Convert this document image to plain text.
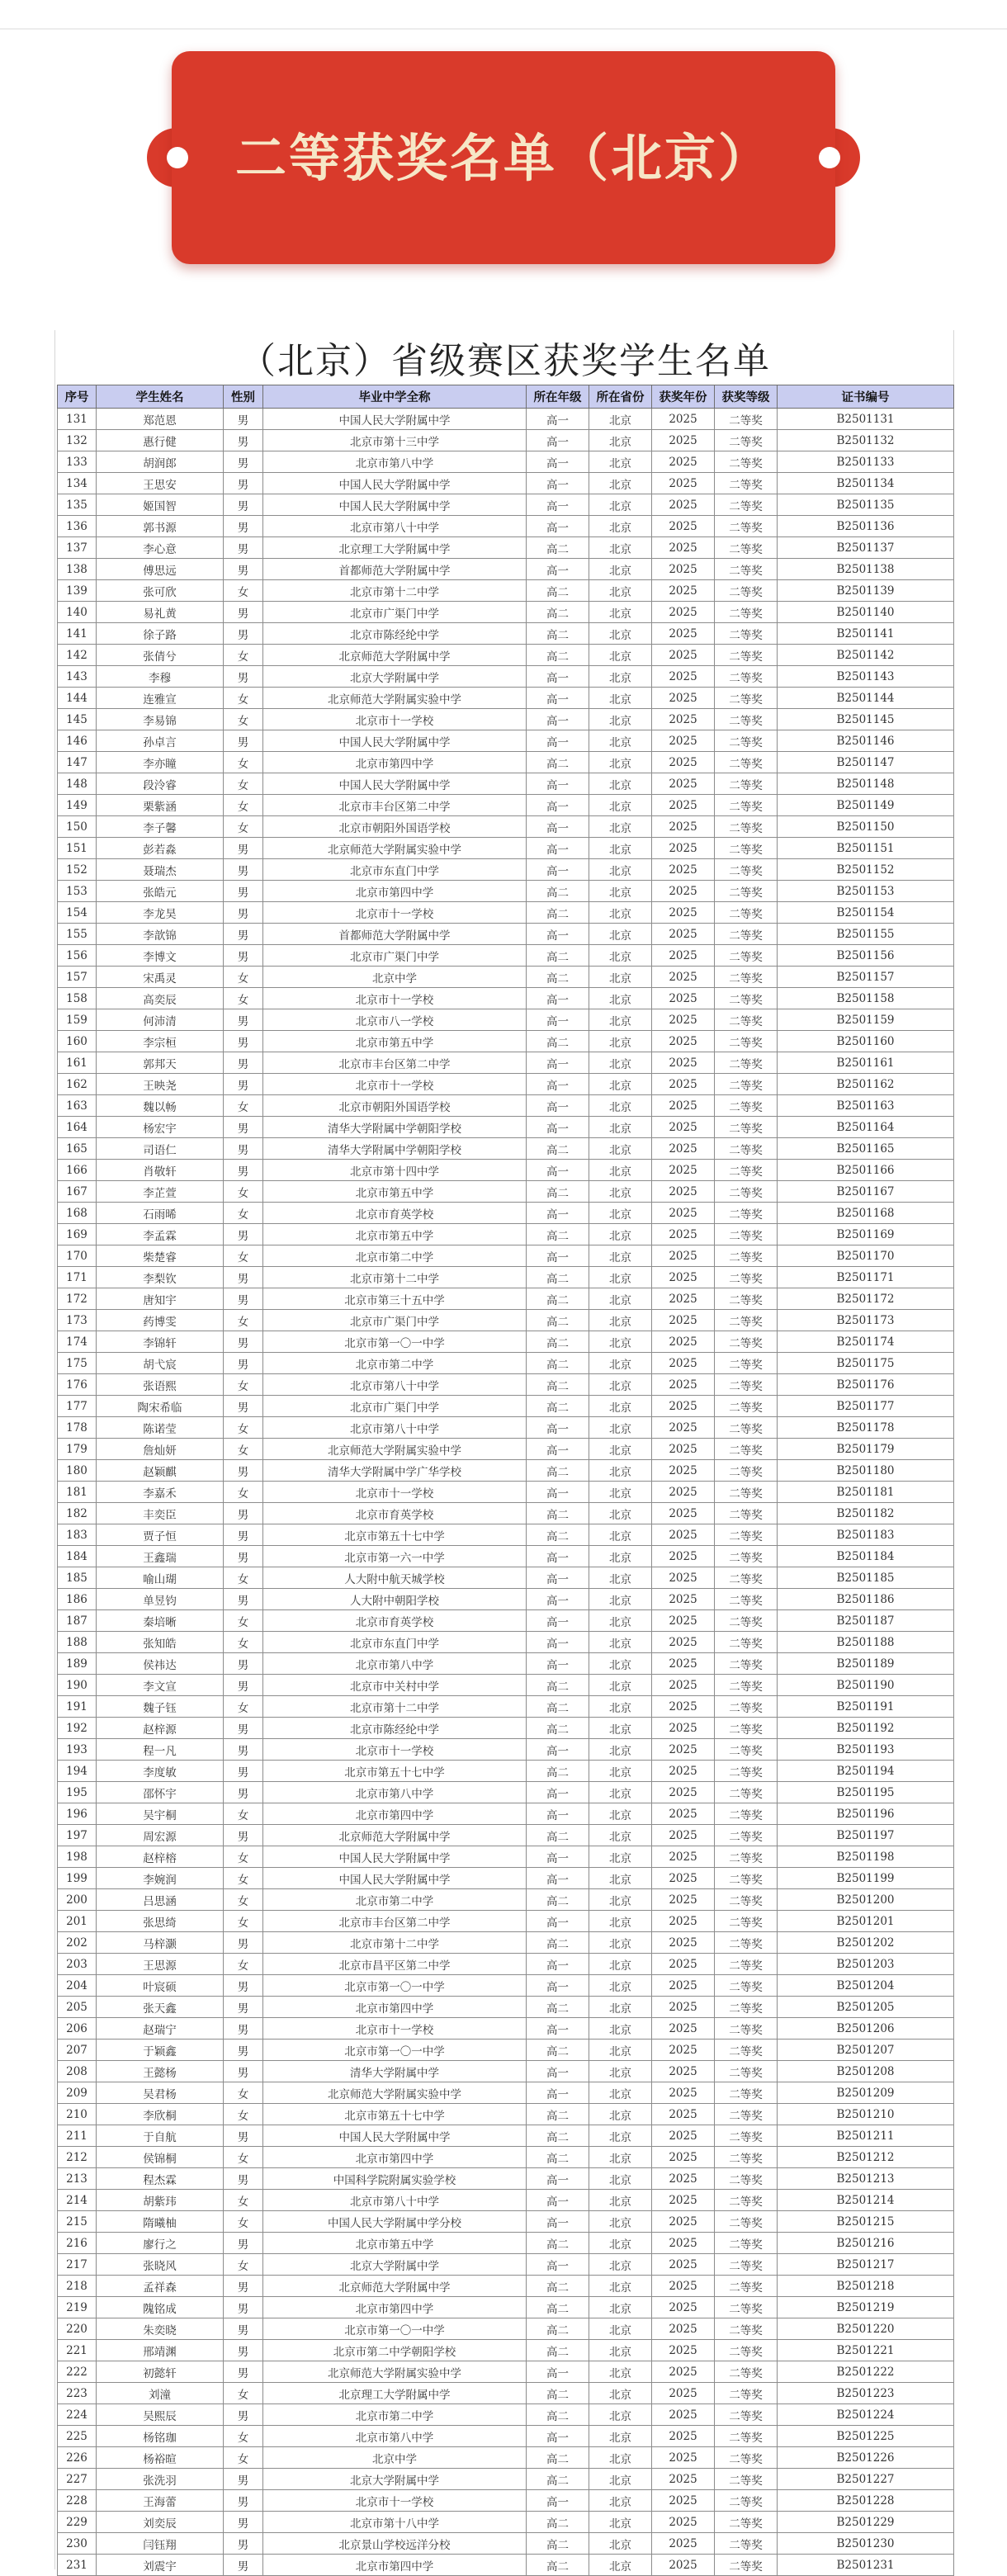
二等获奖名单（北京）
（北京）省级赛区获奖学生名单
序号	学生姓名	性别	毕业中学全称	所在年级	所在省份	获奖年份	获奖等级	证书编号
131	郑范恩	男	中国人民大学附属中学	高一	北京	2025	二等奖	B2501131
132	惠行健	男	北京市第十三中学	高一	北京	2025	二等奖	B2501132
133	胡润郎	男	北京市第八中学	高一	北京	2025	二等奖	B2501133
134	王思安	男	中国人民大学附属中学	高一	北京	2025	二等奖	B2501134
135	姬国智	男	中国人民大学附属中学	高一	北京	2025	二等奖	B2501135
136	郭书源	男	北京市第八十中学	高一	北京	2025	二等奖	B2501136
137	李心意	男	北京理工大学附属中学	高二	北京	2025	二等奖	B2501137
138	傅思远	男	首都师范大学附属中学	高一	北京	2025	二等奖	B2501138
139	张可欣	女	北京市第十二中学	高二	北京	2025	二等奖	B2501139
140	易礼黄	男	北京市广渠门中学	高二	北京	2025	二等奖	B2501140
141	徐子路	男	北京市陈经纶中学	高二	北京	2025	二等奖	B2501141
142	张倩兮	女	北京师范大学附属中学	高二	北京	2025	二等奖	B2501142
143	李穆	男	北京大学附属中学	高一	北京	2025	二等奖	B2501143
144	连雅宣	女	北京师范大学附属实验中学	高一	北京	2025	二等奖	B2501144
145	李易锦	女	北京市十一学校	高一	北京	2025	二等奖	B2501145
146	孙卓言	男	中国人民大学附属中学	高一	北京	2025	二等奖	B2501146
147	李亦瞳	女	北京市第四中学	高二	北京	2025	二等奖	B2501147
148	段泠睿	女	中国人民大学附属中学	高一	北京	2025	二等奖	B2501148
149	栗紫涵	女	北京市丰台区第二中学	高一	北京	2025	二等奖	B2501149
150	李子馨	女	北京市朝阳外国语学校	高一	北京	2025	二等奖	B2501150
151	彭若淼	男	北京师范大学附属实验中学	高一	北京	2025	二等奖	B2501151
152	聂瑞杰	男	北京市东直门中学	高一	北京	2025	二等奖	B2501152
153	张皓元	男	北京市第四中学	高二	北京	2025	二等奖	B2501153
154	李龙昊	男	北京市十一学校	高二	北京	2025	二等奖	B2501154
155	李歆锦	男	首都师范大学附属中学	高一	北京	2025	二等奖	B2501155
156	李博文	男	北京市广渠门中学	高二	北京	2025	二等奖	B2501156
157	宋禹灵	女	北京中学	高二	北京	2025	二等奖	B2501157
158	高奕辰	女	北京市十一学校	高一	北京	2025	二等奖	B2501158
159	何沛清	男	北京市八一学校	高一	北京	2025	二等奖	B2501159
160	李宗桓	男	北京市第五中学	高二	北京	2025	二等奖	B2501160
161	郭邦天	男	北京市丰台区第二中学	高一	北京	2025	二等奖	B2501161
162	王映尧	男	北京市十一学校	高一	北京	2025	二等奖	B2501162
163	魏以畅	女	北京市朝阳外国语学校	高一	北京	2025	二等奖	B2501163
164	杨宏宇	男	清华大学附属中学朝阳学校	高一	北京	2025	二等奖	B2501164
165	司语仁	男	清华大学附属中学朝阳学校	高二	北京	2025	二等奖	B2501165
166	肖敬轩	男	北京市第十四中学	高一	北京	2025	二等奖	B2501166
167	李芷萱	女	北京市第五中学	高二	北京	2025	二等奖	B2501167
168	石雨晞	女	北京市育英学校	高一	北京	2025	二等奖	B2501168
169	李孟霖	男	北京市第五中学	高二	北京	2025	二等奖	B2501169
170	柴楚睿	女	北京市第二中学	高一	北京	2025	二等奖	B2501170
171	李梨钦	男	北京市第十二中学	高二	北京	2025	二等奖	B2501171
172	唐知宇	男	北京市第三十五中学	高二	北京	2025	二等奖	B2501172
173	药博雯	女	北京市广渠门中学	高二	北京	2025	二等奖	B2501173
174	李锦轩	男	北京市第一〇一中学	高二	北京	2025	二等奖	B2501174
175	胡弋宸	男	北京市第二中学	高二	北京	2025	二等奖	B2501175
176	张语熙	女	北京市第八十中学	高二	北京	2025	二等奖	B2501176
177	陶宋希临	男	北京市广渠门中学	高二	北京	2025	二等奖	B2501177
178	陈诺莹	女	北京市第八十中学	高一	北京	2025	二等奖	B2501178
179	詹灿妍	女	北京师范大学附属实验中学	高一	北京	2025	二等奖	B2501179
180	赵颖麒	男	清华大学附属中学广华学校	高二	北京	2025	二等奖	B2501180
181	李嘉禾	女	北京市十一学校	高一	北京	2025	二等奖	B2501181
182	丰奕臣	男	北京市育英学校	高二	北京	2025	二等奖	B2501182
183	贾子恒	男	北京市第五十七中学	高二	北京	2025	二等奖	B2501183
184	王鑫瑞	男	北京市第一六一中学	高一	北京	2025	二等奖	B2501184
185	喻山瑚	女	人大附中航天城学校	高一	北京	2025	二等奖	B2501185
186	单昱钧	男	人大附中朝阳学校	高一	北京	2025	二等奖	B2501186
187	秦培晰	女	北京市育英学校	高一	北京	2025	二等奖	B2501187
188	张知皓	女	北京市东直门中学	高一	北京	2025	二等奖	B2501188
189	侯祎达	男	北京市第八中学	高一	北京	2025	二等奖	B2501189
190	李文宣	男	北京市中关村中学	高二	北京	2025	二等奖	B2501190
191	魏子钰	女	北京市第十二中学	高二	北京	2025	二等奖	B2501191
192	赵梓源	男	北京市陈经纶中学	高二	北京	2025	二等奖	B2501192
193	程一凡	男	北京市十一学校	高一	北京	2025	二等奖	B2501193
194	李度敏	男	北京市第五十七中学	高二	北京	2025	二等奖	B2501194
195	邵怀宇	男	北京市第八中学	高一	北京	2025	二等奖	B2501195
196	吴宇桐	女	北京市第四中学	高一	北京	2025	二等奖	B2501196
197	周宏源	男	北京师范大学附属中学	高二	北京	2025	二等奖	B2501197
198	赵梓榕	女	中国人民大学附属中学	高一	北京	2025	二等奖	B2501198
199	李婉润	女	中国人民大学附属中学	高一	北京	2025	二等奖	B2501199
200	吕思涵	女	北京市第二中学	高二	北京	2025	二等奖	B2501200
201	张思绮	女	北京市丰台区第二中学	高一	北京	2025	二等奖	B2501201
202	马梓灏	男	北京市第十二中学	高二	北京	2025	二等奖	B2501202
203	王思源	女	北京市昌平区第二中学	高一	北京	2025	二等奖	B2501203
204	叶宸硕	男	北京市第一〇一中学	高一	北京	2025	二等奖	B2501204
205	张天鑫	男	北京市第四中学	高二	北京	2025	二等奖	B2501205
206	赵瑞宁	男	北京市十一学校	高一	北京	2025	二等奖	B2501206
207	于颖鑫	男	北京市第一〇一中学	高二	北京	2025	二等奖	B2501207
208	王懿杨	男	清华大学附属中学	高一	北京	2025	二等奖	B2501208
209	吴君杨	女	北京师范大学附属实验中学	高一	北京	2025	二等奖	B2501209
210	李欣桐	女	北京市第五十七中学	高二	北京	2025	二等奖	B2501210
211	于自航	男	中国人民大学附属中学	高二	北京	2025	二等奖	B2501211
212	侯锦桐	女	北京市第四中学	高二	北京	2025	二等奖	B2501212
213	程杰霖	男	中国科学院附属实验学校	高一	北京	2025	二等奖	B2501213
214	胡紫玮	女	北京市第八十中学	高一	北京	2025	二等奖	B2501214
215	隋曦柚	女	中国人民大学附属中学分校	高一	北京	2025	二等奖	B2501215
216	廖行之	男	北京市第五中学	高二	北京	2025	二等奖	B2501216
217	张晓风	女	北京大学附属中学	高一	北京	2025	二等奖	B2501217
218	孟祥森	男	北京师范大学附属中学	高二	北京	2025	二等奖	B2501218
219	隗铭成	男	北京市第四中学	高二	北京	2025	二等奖	B2501219
220	朱奕晓	男	北京市第一〇一中学	高二	北京	2025	二等奖	B2501220
221	邢靖渊	男	北京市第二中学朝阳学校	高二	北京	2025	二等奖	B2501221
222	初懿轩	男	北京师范大学附属实验中学	高一	北京	2025	二等奖	B2501222
223	刘潼	女	北京理工大学附属中学	高二	北京	2025	二等奖	B2501223
224	吴熙辰	男	北京市第二中学	高二	北京	2025	二等奖	B2501224
225	杨铭珈	女	北京市第八中学	高一	北京	2025	二等奖	B2501225
226	杨裕暄	女	北京中学	高二	北京	2025	二等奖	B2501226
227	张洗羽	男	北京大学附属中学	高二	北京	2025	二等奖	B2501227
228	王海蕾	男	北京市十一学校	高一	北京	2025	二等奖	B2501228
229	刘奕辰	男	北京市第十八中学	高二	北京	2025	二等奖	B2501229
230	闫钰翔	男	北京景山学校远洋分校	高二	北京	2025	二等奖	B2501230
231	刘震宇	男	北京市第四中学	高二	北京	2025	二等奖	B2501231
